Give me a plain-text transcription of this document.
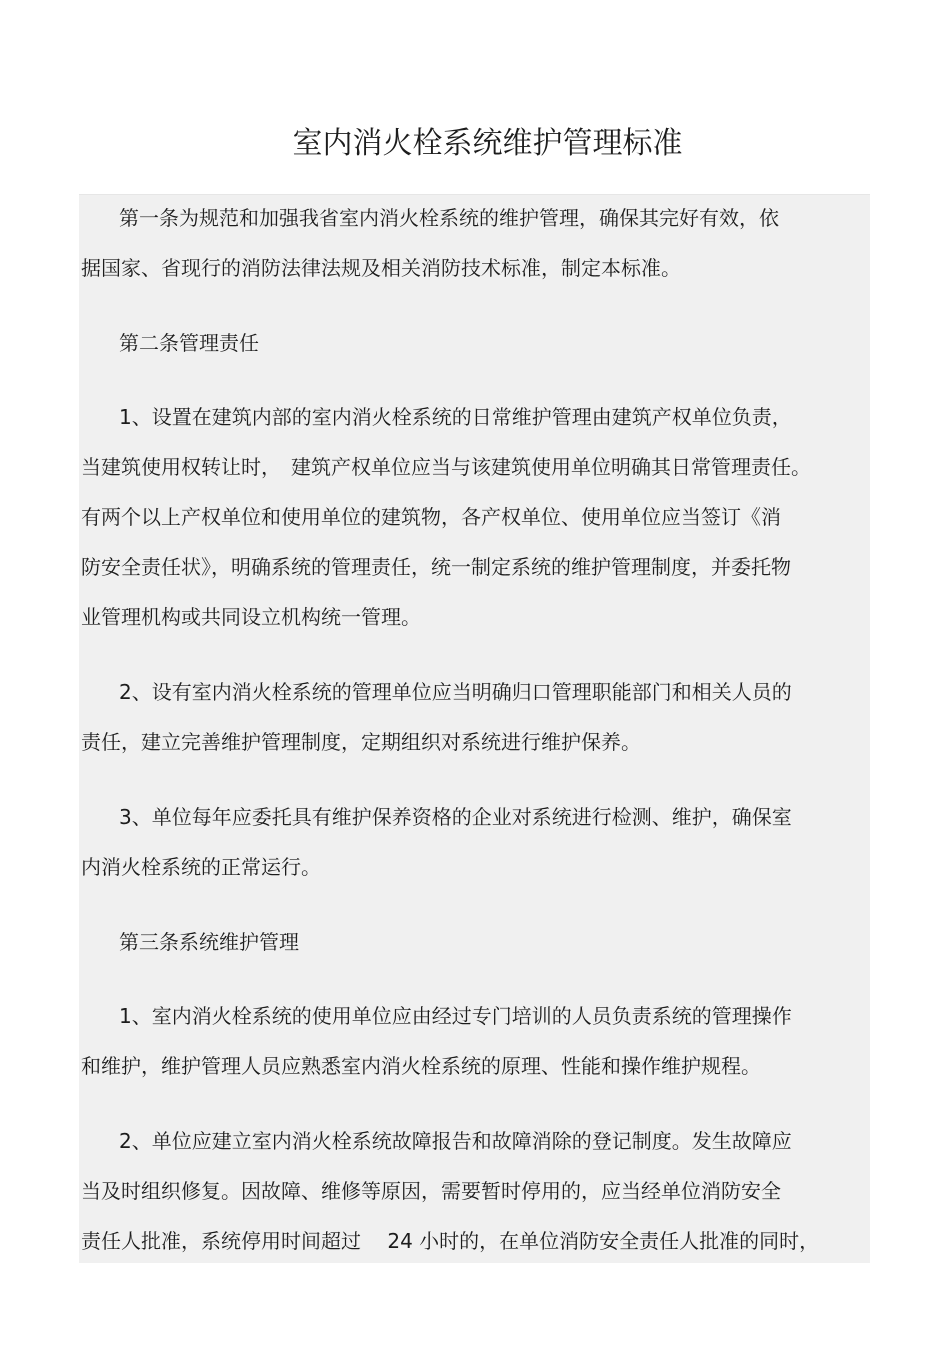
室内消火栓系统维护管理标准

第一条为规范和加强我省室内消火栓系统的维护管理，确保其完好有效，依

据国家、省现行的消防法律法规及相关消防技术标准，制定本标准。

第二条管理责任

1、设置在建筑内部的室内消火栓系统的日常维护管理由建筑产权单位负责，

当建筑使用权转让时，　建筑产权单位应当与该建筑使用单位明确其日常管理责任。

有两个以上产权单位和使用单位的建筑物，各产权单位、使用单位应当签订《消

防安全责任状》，明确系统的管理责任，统一制定系统的维护管理制度，并委托物

业管理机构或共同设立机构统一管理。

2、设有室内消火栓系统的管理单位应当明确归口管理职能部门和相关人员的

责任，建立完善维护管理制度，定期组织对系统进行维护保养。

3、单位每年应委托具有维护保养资格的企业对系统进行检测、维护，确保室

内消火栓系统的正常运行。

第三条系统维护管理

1、室内消火栓系统的使用单位应由经过专门培训的人员负责系统的管理操作

和维护，维护管理人员应熟悉室内消火栓系统的原理、性能和操作维护规程。

2、单位应建立室内消火栓系统故障报告和故障消除的登记制度。发生故障应

当及时组织修复。因故障、维修等原因，需要暂时停用的，应当经单位消防安全

责任人批准，系统停用时间超过　 24 小时的，在单位消防安全责任人批准的同时，
